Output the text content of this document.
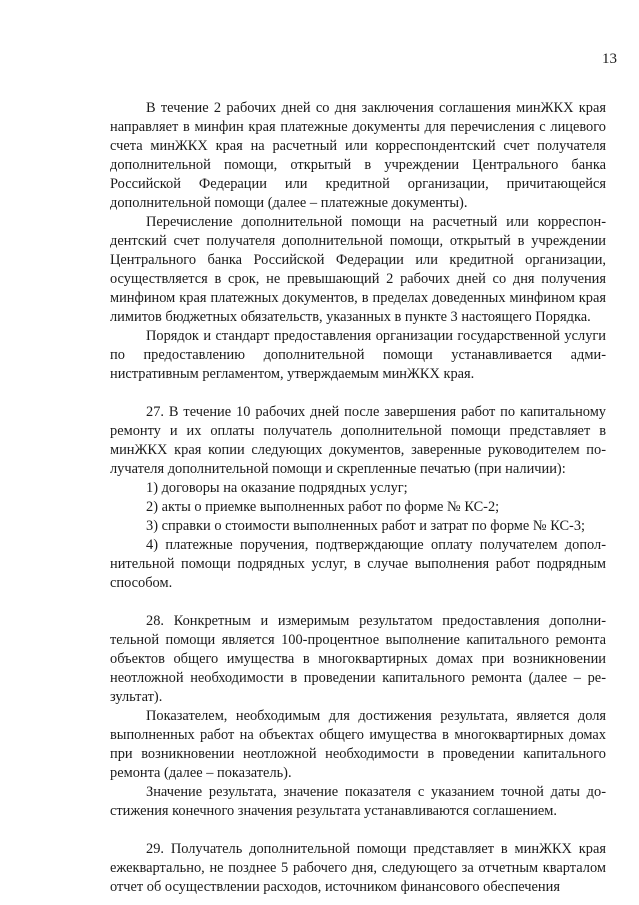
13

В течение 2 рабочих дней со дня заключения соглашения минЖКХ края направляет в минфин края платежные документы для перечисления с лицевого счета минЖКХ края на расчетный или корреспондентский счет получателя дополнительной помощи, открытый в учреждении Центрального банка Российской Федерации или кредитной организации, причитающейся дополнительной помощи (далее – платежные документы).

Перечисление дополнительной помощи на расчетный или корреспондентский счет получателя дополнительной помощи, открытый в учреждении Центрального банка Российской Федерации или кредитной организации, осуществляется в срок, не превышающий 2 рабочих дней со дня получения минфином края платежных документов, в пределах доведенных минфином края лимитов бюджетных обязательств, указанных в пункте 3 настоящего Порядка.

Порядок и стандарт предоставления организации государственной услуги по предоставлению дополнительной помощи устанавливается административным регламентом, утверждаемым минЖКХ края.

27. В течение 10 рабочих дней после завершения работ по капитальному ремонту и их оплаты получатель дополнительной помощи представляет в минЖКХ края копии следующих документов, заверенные руководителем получателя дополнительной помощи и скрепленные печатью (при наличии):

1) договоры на оказание подрядных услуг;

2) акты о приемке выполненных работ по форме № КС-2;

3) справки о стоимости выполненных работ и затрат по форме № КС-3;

4) платежные поручения, подтверждающие оплату получателем дополнительной помощи подрядных услуг, в случае выполнения работ подрядным способом.

28. Конкретным и измеримым результатом предоставления дополнительной помощи является 100-процентное выполнение капитального ремонта объектов общего имущества в многоквартирных домах при возникновении неотложной необходимости в проведении капитального ремонта (далее – результат).

Показателем, необходимым для достижения результата, является доля выполненных работ на объектах общего имущества в многоквартирных домах при возникновении неотложной необходимости в проведении капитального ремонта (далее – показатель).

Значение результата, значение показателя с указанием точной даты достижения конечного значения результата устанавливаются соглашением.

29. Получатель дополнительной помощи представляет в минЖКХ края ежеквартально, не позднее 5 рабочего дня, следующего за отчетным кварталом отчет об осуществлении расходов, источником финансового обеспечения
